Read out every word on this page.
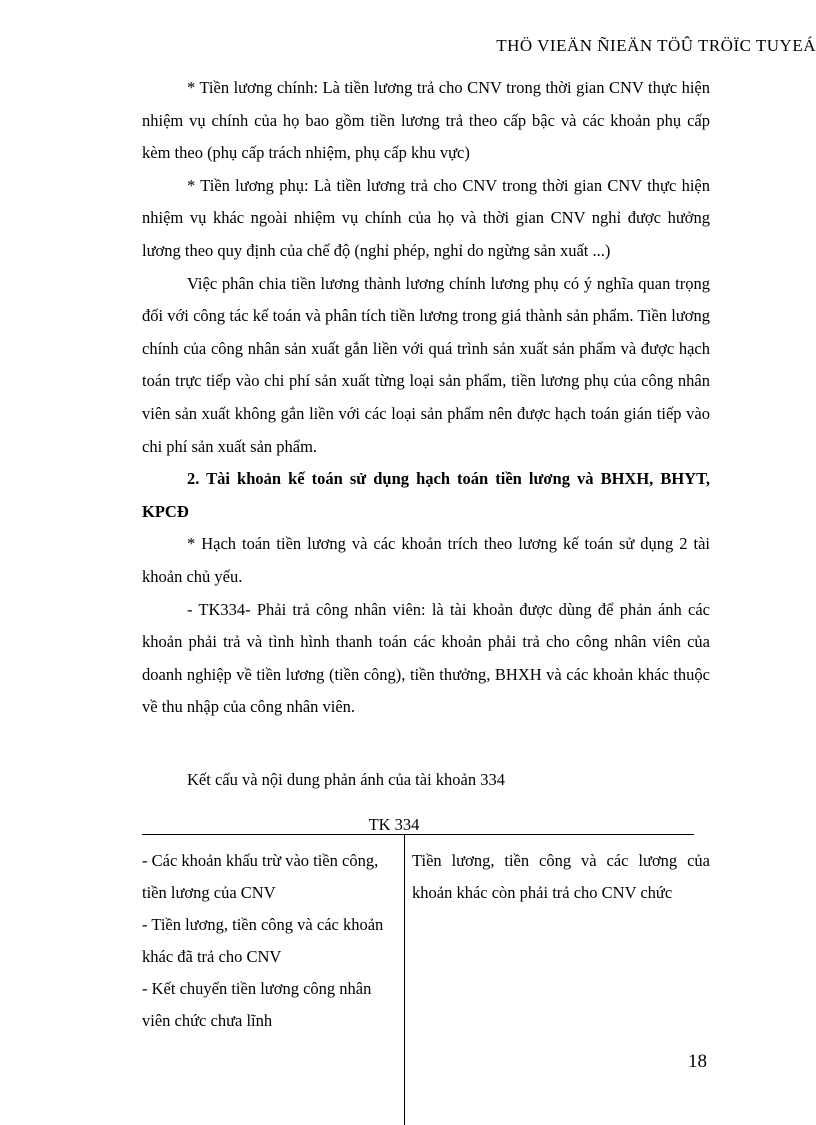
THÖ VIEÄN ÑIEÄN TÖÛ TRÖÏC TUYEÁ

* Tiền lương chính: Là tiền lương trả cho CNV trong thời gian CNV thực hiện nhiệm vụ chính của họ bao gồm tiền lương trả theo cấp bậc và các khoản phụ cấp kèm theo (phụ cấp trách nhiệm, phụ cấp khu vực)

* Tiền lương phụ: Là tiền lương trả cho CNV trong thời gian CNV thực hiện nhiệm vụ khác ngoài nhiệm vụ chính của họ và thời gian CNV nghỉ được hưởng lương theo quy định của chế độ (nghỉ phép, nghỉ do ngừng sản xuất ...)

Việc phân chia tiền lương thành lương chính lương phụ có ý nghĩa quan trọng đối với công tác kế toán và phân tích tiền lương trong giá thành sản phẩm. Tiền lương chính của công nhân sản xuất gắn liền với quá trình sản xuất sản phẩm và được hạch toán trực tiếp vào chi phí sản xuất từng loại sản phẩm, tiền lương phụ của công nhân viên sản xuất không gắn liền với các loại sản phẩm nên được hạch toán gián tiếp vào chi phí sản xuất sản phẩm.

2. Tài khoản kế toán sử dụng hạch toán tiền lương và BHXH, BHYT, KPCĐ

* Hạch toán tiền lương và các khoản trích theo lương kế toán sử dụng 2 tài khoản chủ yếu.

- TK334- Phải trả công nhân viên: là tài khoản được dùng để phản ánh các khoản phải trả và tình hình thanh toán các khoản phải trả cho công nhân viên của doanh nghiệp về tiền lương (tiền công), tiền thưởng, BHXH và các khoản khác thuộc về thu nhập của công nhân viên.

Kết cấu và nội dung phản ánh của tài khoản 334

TK 334
- Các khoản khấu trừ vào tiền công,
tiền lương của CNV
- Tiền lương, tiền công và các khoản
khác đã trả cho CNV
- Kết chuyển tiền lương công nhân
viên chức chưa lĩnh
Tiền lương, tiền công và các lương của khoản khác còn phải trả cho CNV chức
18
